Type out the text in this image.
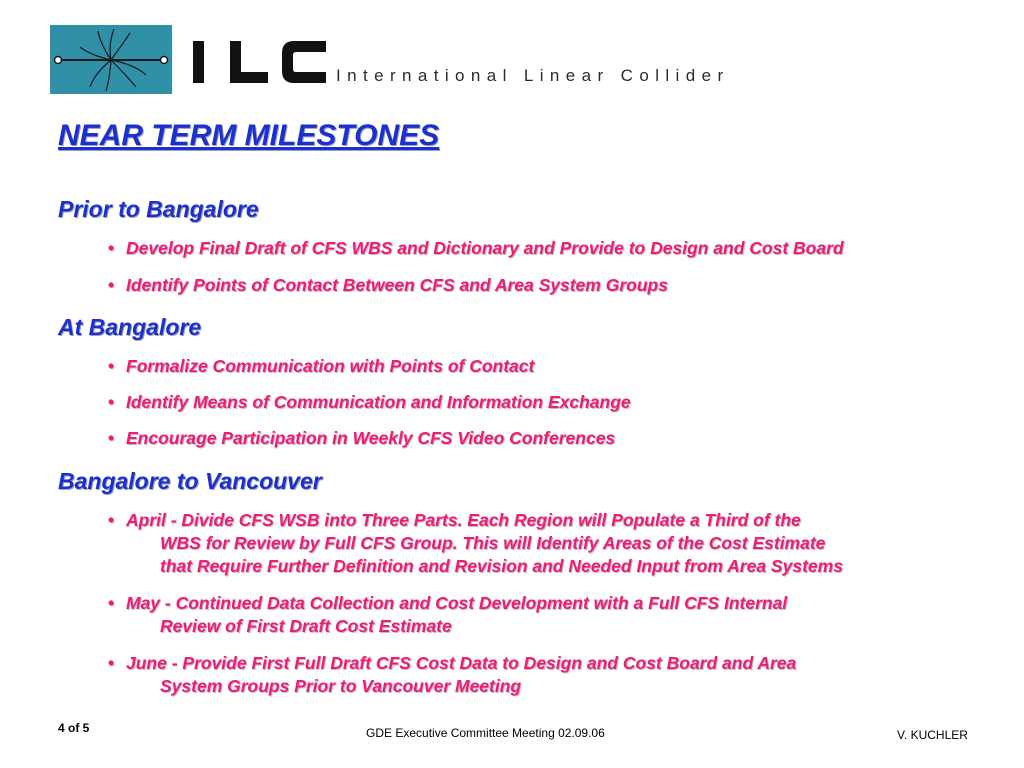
International Linear Collider
NEAR TERM MILESTONES
Prior to Bangalore
• Develop Final Draft of CFS WBS and Dictionary and Provide to Design and Cost Board
• Identify Points of Contact Between CFS and Area System Groups
At Bangalore
• Formalize Communication with Points of Contact
• Identify Means of Communication and Information Exchange
• Encourage Participation in Weekly CFS Video Conferences
Bangalore to Vancouver
• April - Divide CFS WSB into Three Parts. Each Region will Populate a Third of the
WBS for Review by Full CFS Group. This will Identify Areas of the Cost Estimate
that Require Further Definition and Revision and Needed Input from Area Systems
• May - Continued Data Collection and Cost Development with a Full CFS Internal
Review of First Draft Cost Estimate
• June - Provide First Full Draft CFS Cost Data to Design and Cost Board and Area
System Groups Prior to Vancouver Meeting
4 of 5	GDE Executive Committee Meeting 02.09.06	V. KUCHLER
